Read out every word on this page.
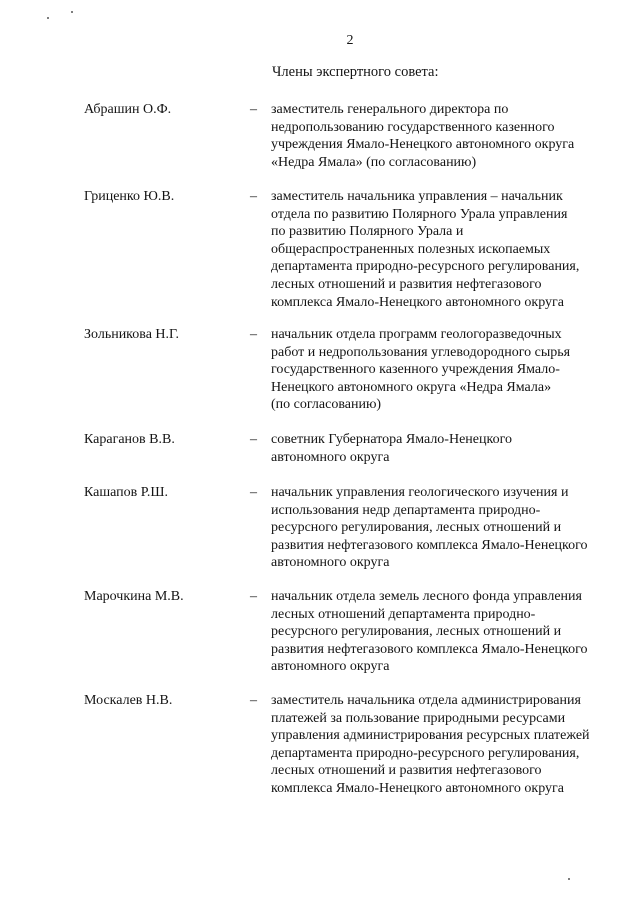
2
Члены экспертного совета:
Абрашин О.Ф.	– заместитель генерального директора по
недропользованию государственного казенного
учреждения Ямало-Ненецкого автономного округа
«Недра Ямала» (по согласованию)
Гриценко Ю.В.	– заместитель начальника управления – начальник
отдела по развитию Полярного Урала управления
по развитию Полярного Урала и
общераспространенных полезных ископаемых
департамента природно-ресурсного регулирования,
лесных отношений и развития нефтегазового
комплекса Ямало-Ненецкого автономного округа
Зольникова Н.Г.	– начальник отдела программ геологоразведочных
работ и недропользования углеводородного сырья
государственного казенного учреждения Ямало-
Ненецкого автономного округа «Недра Ямала»
(по согласованию)
Караганов В.В.	– советник Губернатора Ямало-Ненецкого
автономного округа
Кашапов Р.Ш.	– начальник управления геологического изучения и
использования недр департамента природно-
ресурсного регулирования, лесных отношений и
развития нефтегазового комплекса Ямало-Ненецкого
автономного округа
Марочкина М.В.	– начальник отдела земель лесного фонда управления
лесных отношений департамента природно-
ресурсного регулирования, лесных отношений и
развития нефтегазового комплекса Ямало-Ненецкого
автономного округа
Москалев Н.В.	– заместитель начальника отдела администрирования
платежей за пользование природными ресурсами
управления администрирования ресурсных платежей
департамента природно-ресурсного регулирования,
лесных отношений и развития нефтегазового
комплекса Ямало-Ненецкого автономного округа
